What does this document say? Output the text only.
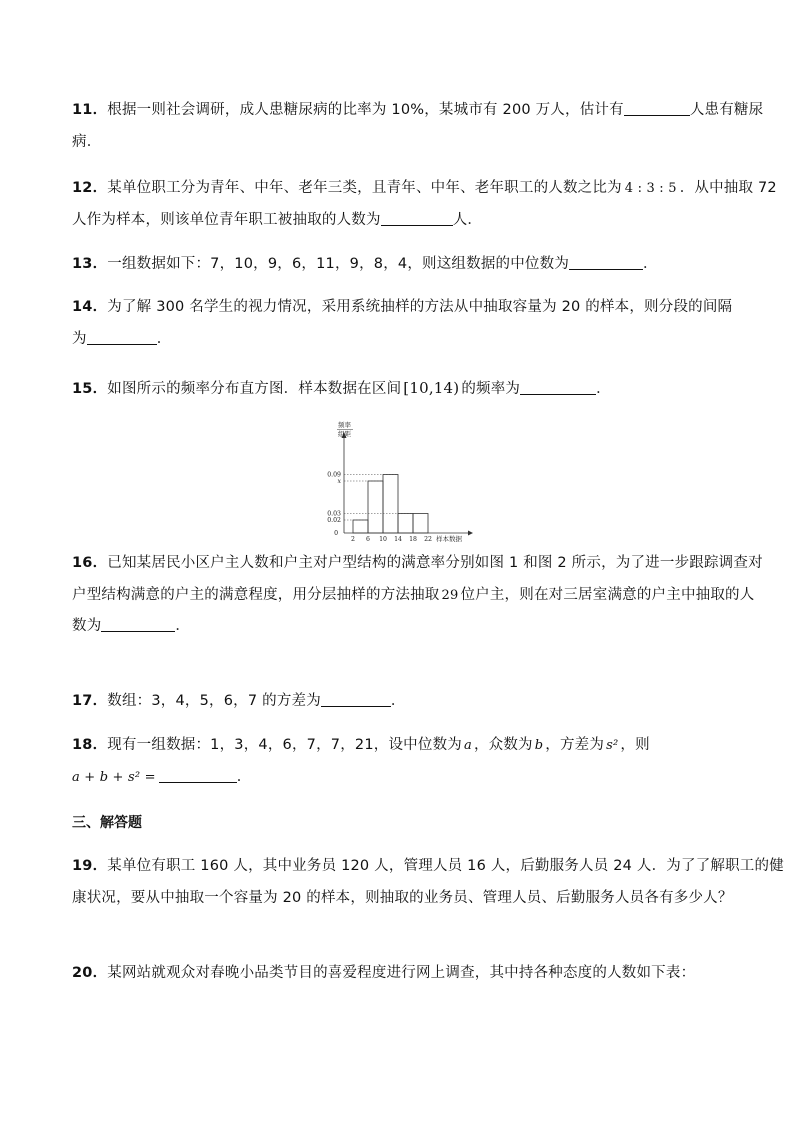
11．根据一则社会调研，成人患糖尿病的比率为 10%，某城市有 200 万人，估计有	人患有糖尿
病．
12．某单位职工分为青年、中年、老年三类，且青年、中年、老年职工的人数之比为 4 : 3 : 5 ．从中抽取 72
人作为样本，则该单位青年职工被抽取的人数为	人．
13．一组数据如下：7，10，9，6，11，9，8，4，则这组数据的中位数为	．
14．为了解 300 名学生的视力情况，采用系统抽样的方法从中抽取容量为 20 的样本，则分段的间隔
为	．
15．如图所示的频率分布直方图．样本数据在区间 [10,14) 的频率为	．
频率
组距
0.02
0.03
x
0.09
0
2 6 10 14 18 22 样本数据
16．已知某居民小区户主人数和户主对户型结构的满意率分别如图 1 和图 2 所示，为了进一步跟踪调查对
户型结构满意的户主的满意程度，用分层抽样的方法抽取 29 位户主，则在对三居室满意的户主中抽取的人
数为	．
17．数组：3，4，5，6，7 的方差为	．
18．现有一组数据：1，3，4，6，7，7，21，设中位数为 a ，众数为 b ，方差为 s² ，则
a + b + s² =	．
三、解答题
19．某单位有职工 160 人，其中业务员 120 人，管理人员 16 人，后勤服务人员 24 人．为了了解职工的健
康状况，要从中抽取一个容量为 20 的样本，则抽取的业务员、管理人员、后勤服务人员各有多少人？
20．某网站就观众对春晚小品类节目的喜爱程度进行网上调查，其中持各种态度的人数如下表：
